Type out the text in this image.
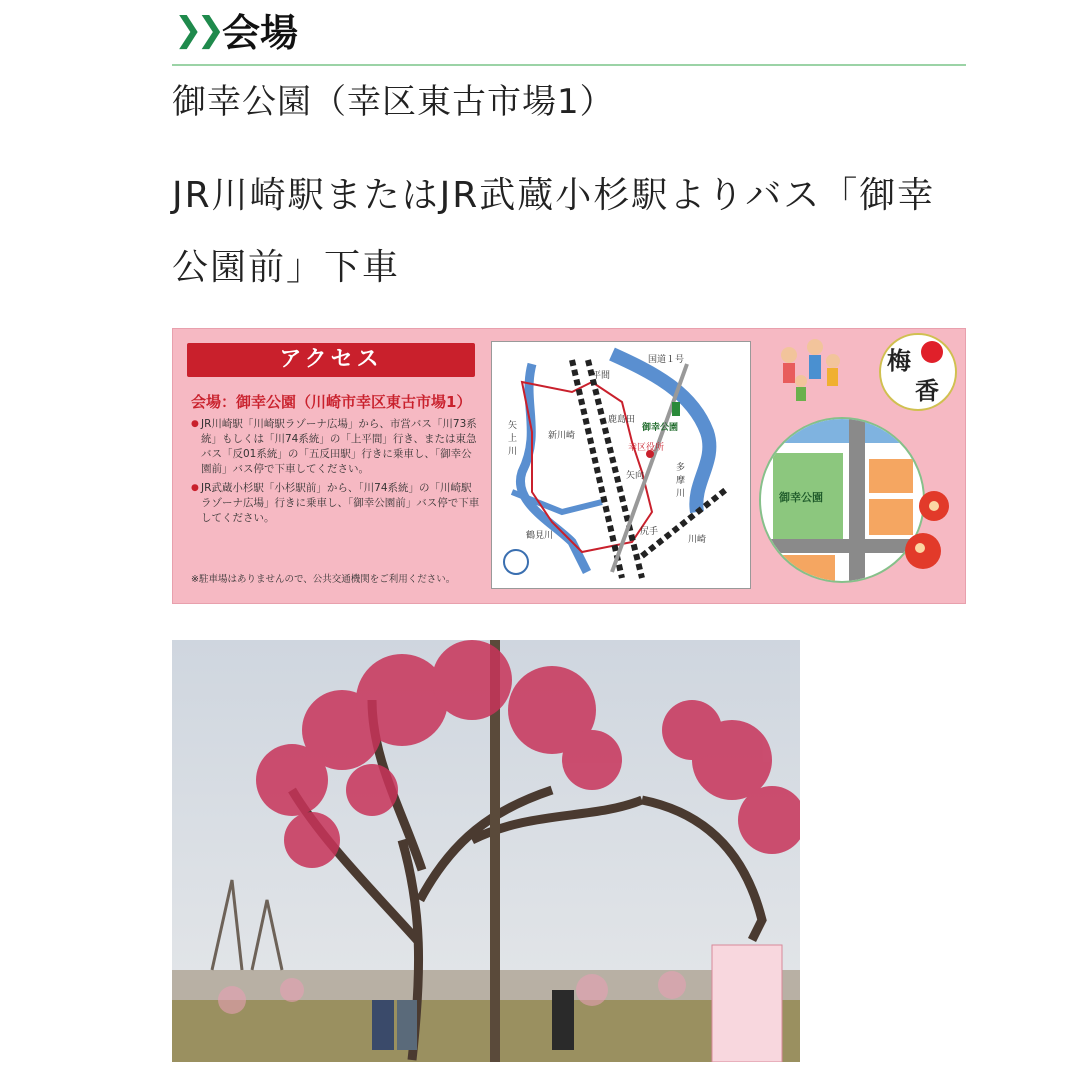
❯❯ 会場
御幸公園（幸区東古市場1）
JR川崎駅またはJR武蔵小杉駅よりバス「御幸公園前」下車
アクセス
会場：御幸公園（川崎市幸区東古市場1）

● JR川崎駅「川崎駅ラゾーナ広場」から、市営バス「川73系統」もしくは「川74系統」の「上平間」行き、または東急バス「反01系統」の「五反田駅」行きに乗車し、「御幸公園前」バス停で下車してください。

● JR武蔵小杉駅「小杉駅前」から、「川74系統」の「川崎駅ラゾーナ広場」行きに乗車し、「御幸公園前」バス停で下車してください。

※駐車場はありませんので、公共交通機関をご利用ください。
国道１号
平間
鹿島田
御幸公園
幸区役所
新川崎
矢上川
矢向
多摩川
鶴見川	尻手
川崎
梅
香
御幸公園
